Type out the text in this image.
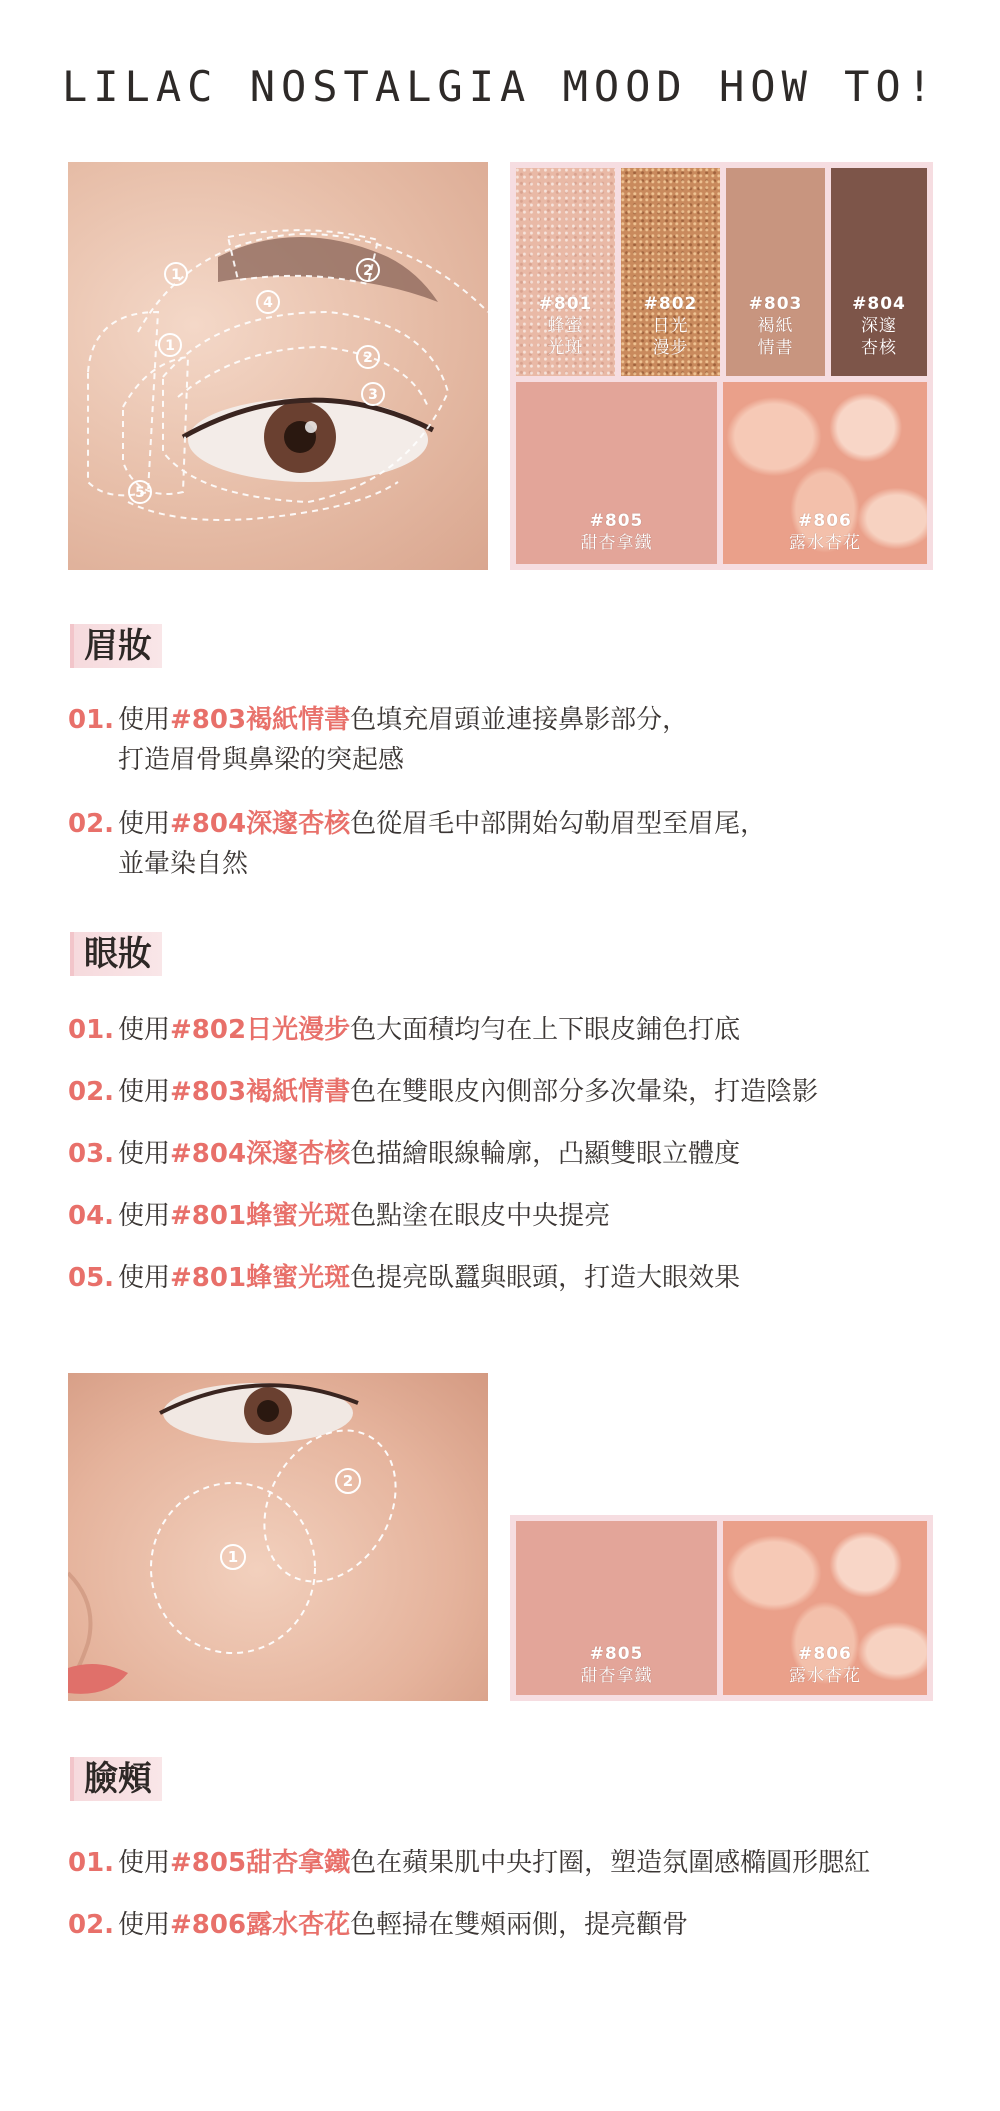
LILAC NOSTALGIA MOOD HOW TO!
1	2
4
1
2
3
5
#801
蜂蜜
光斑
#802
日光
漫步
#803
褐紙
情書
#804
深邃
杏核
#805
甜杏拿鐵
#806
露水杏花
眉妝
01. 使用#803褐紙情書色填充眉頭並連接鼻影部分，
打造眉骨與鼻梁的突起感
02. 使用#804深邃杏核色從眉毛中部開始勾勒眉型至眉尾，
並暈染自然
眼妝
01. 使用#802日光漫步色大面積均勻在上下眼皮鋪色打底
02. 使用#803褐紙情書色在雙眼皮內側部分多次暈染，打造陰影
03. 使用#804深邃杏核色描繪眼線輪廓，凸顯雙眼立體度
04. 使用#801蜂蜜光斑色點塗在眼皮中央提亮
05. 使用#801蜂蜜光斑色提亮臥蠶與眼頭，打造大眼效果
2
1
#805
甜杏拿鐵
#806
露水杏花
臉頰
01. 使用#805甜杏拿鐵色在蘋果肌中央打圈，塑造氛圍感橢圓形腮紅
02. 使用#806露水杏花色輕掃在雙頰兩側，提亮顴骨
